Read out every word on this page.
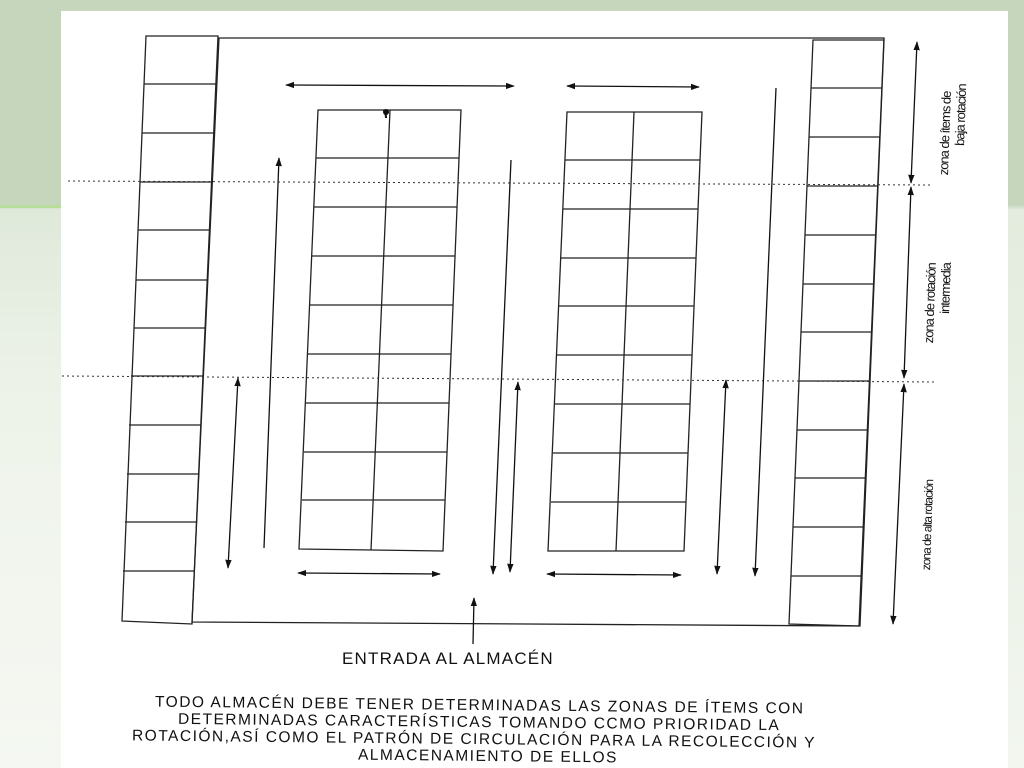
zona de ítems de
baja rotación
zona de rotación
intermedia
zona de alta rotación
ENTRADA AL ALMACÉN
TODO ALMACÉN DEBE TENER DETERMINADAS LAS ZONAS DE ÍTEMS CON
DETERMINADAS CARACTERÍSTICAS TOMANDO CCMO PRIORIDAD LA
ROTACIÓN,ASÍ COMO EL PATRÓN DE CIRCULACIÓN PARA LA RECOLECCIÓN Y
ALMACENAMIENTO DE ELLOS
